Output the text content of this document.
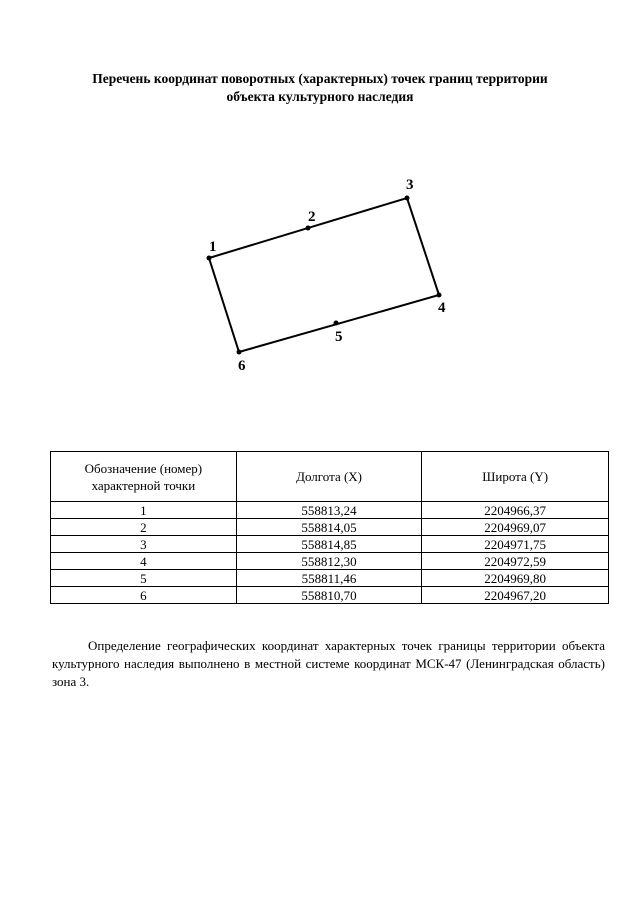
Перечень координат поворотных (характерных) точек границ территории
объекта культурного наследия
1
2
3
4
5
6
Обозначение (номер) характерной точки	Долгота (X)	Широта (Y)
1	558813,24	2204966,37
2	558814,05	2204969,07
3	558814,85	2204971,75
4	558812,30	2204972,59
5	558811,46	2204969,80
6	558810,70	2204967,20

Определение географических координат характерных точек границы территории объекта культурного наследия выполнено в местной системе координат МСК-47 (Ленинградская область) зона 3.
